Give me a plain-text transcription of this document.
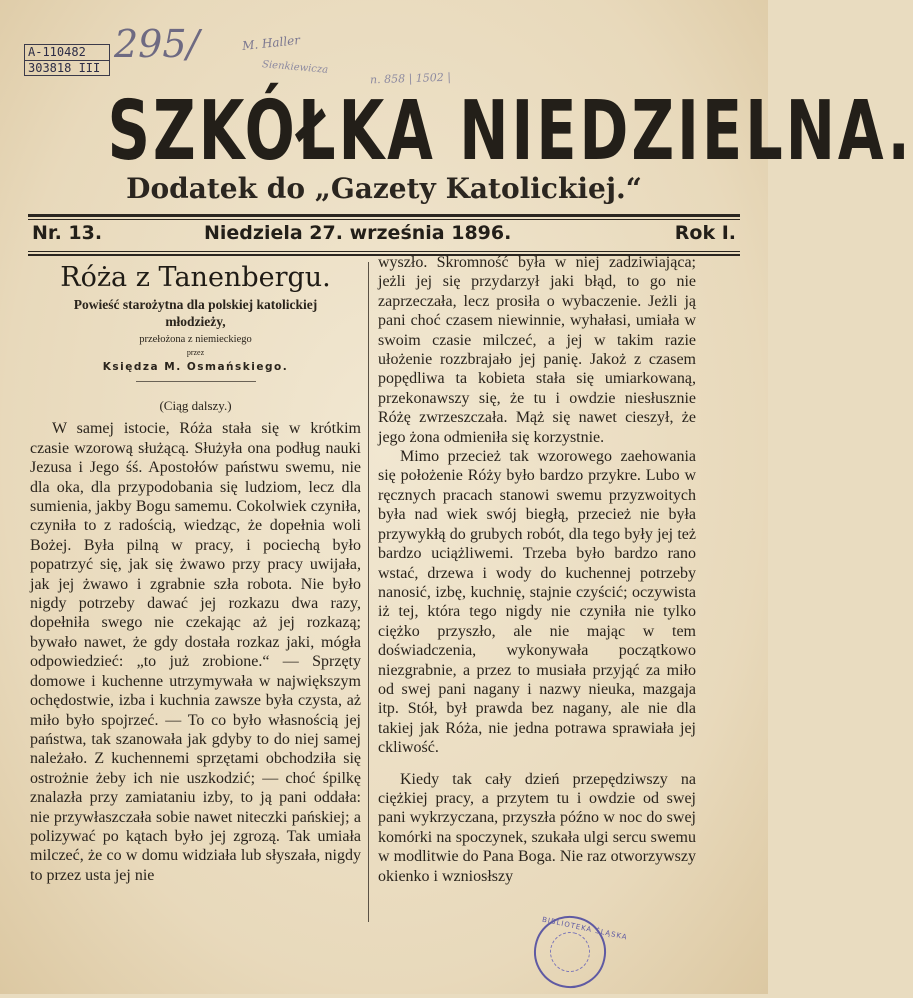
A-110482
303818 III
295/	M. Haller
Sienkiewicza
n. 858 | 1502 |
SZKÓŁKA NIEDZIELNA.
Dodatek do „Gazety Katolickiej.“
Nr. 13.	Niedziela 27. września 1896.	Rok I.
Róża z Tanenbergu.
Powieść starożytna dla polskiej katolickiej młodzieży,
przełożona z niemieckiego
przez
Księdza M. Osmańskiego.

(Ciąg dalszy.)

W samej istocie, Róża stała się w krótkim czasie wzorową służącą. Służyła ona podług nauki Jezusa i Jego śś. Apostołów państwu swemu, nie dla oka, dla przypodobania się ludziom, lecz dla sumienia, jakby Bogu samemu. Cokolwiek czyniła, czyniła to z radością, wiedząc, że dopełnia woli Bożej. Była pilną w pracy, i pociechą było popatrzyć się, jak się żwawo przy pracy uwijała, jak jej żwawo i zgrabnie szła robota. Nie było nigdy potrzeby dawać jej rozkazu dwa razy, dopełniła swego nie czekając aż jej rozkazą; bywało nawet, że gdy dostała rozkaz jaki, mógła odpowiedzieć: „to już zrobione.“ — Sprzęty domowe i kuchenne utrzymywała w największym ochędostwie, izba i kuchnia zawsze była czysta, aż miło było spojrzeć. — To co było własnością jej państwa, tak szanowała jak gdyby to do niej samej należało. Z kuchennemi sprzętami obchodziła się ostrożnie żeby ich nie uszkodzić; — choć śpilkę znalazła przy zamiataniu izby, to ją pani oddała: nie przywłaszczała sobie nawet niteczki pańskiej; a polizywać po kątach było jej zgrozą. Tak umiała milczeć, że co w domu widziała lub słyszała, nigdy to przez usta jej nie

wyszło. Skromność była w niej zadziwiająca; jeżli jej się przydarzył jaki błąd, to go nie zaprzeczała, lecz prosiła o wybaczenie. Jeżli ją pani choć czasem niewinnie, wyhałasi, umiała w swoim czasie milczeć, a jej w takim razie ułożenie rozzbrajało jej panię. Jakoż z czasem popędliwa ta kobieta stała się umiarkowaną, przekonawszy się, że tu i owdzie niesłusznie Różę zwrzeszczała. Mąż się nawet cieszył, że jego żona odmieniła się korzystnie.

Mimo przecież tak wzorowego zaehowania się położenie Róży było bardzo przykre. Lubo w ręcznych pracach stanowi swemu przyzwoitych była nad wiek swój biegłą, przecież nie była przywykłą do grubych robót, dla tego były jej też bardzo uciążliwemi. Trzeba było bardzo rano wstać, drzewa i wody do kuchennej potrzeby nanosić, izbę, kuchnię, stajnie czyścić; oczywista iż tej, która tego nigdy nie czyniła nie tylko ciężko przyszło, ale nie mając w tem doświadczenia, wykonywała początkowo niezgrabnie, a przez to musiała przyjąć za miło od swej pani nagany i nazwy nieuka, mazgaja itp. Stół, był prawda bez nagany, ale nie dla takiej jak Róża, nie jedna potrawa sprawiała jej ckliwość.

Kiedy tak cały dzień przepędziwszy na ciężkiej pracy, a przytem tu i owdzie od swej pani wykrzyczana, przyszła późno w noc do swej komórki na spoczynek, szukała ulgi sercu swemu w modlitwie do Pana Boga. Nie raz otworzywszy okienko i wzniosłszy

BIBLIOTEKA ŚLĄSKA
